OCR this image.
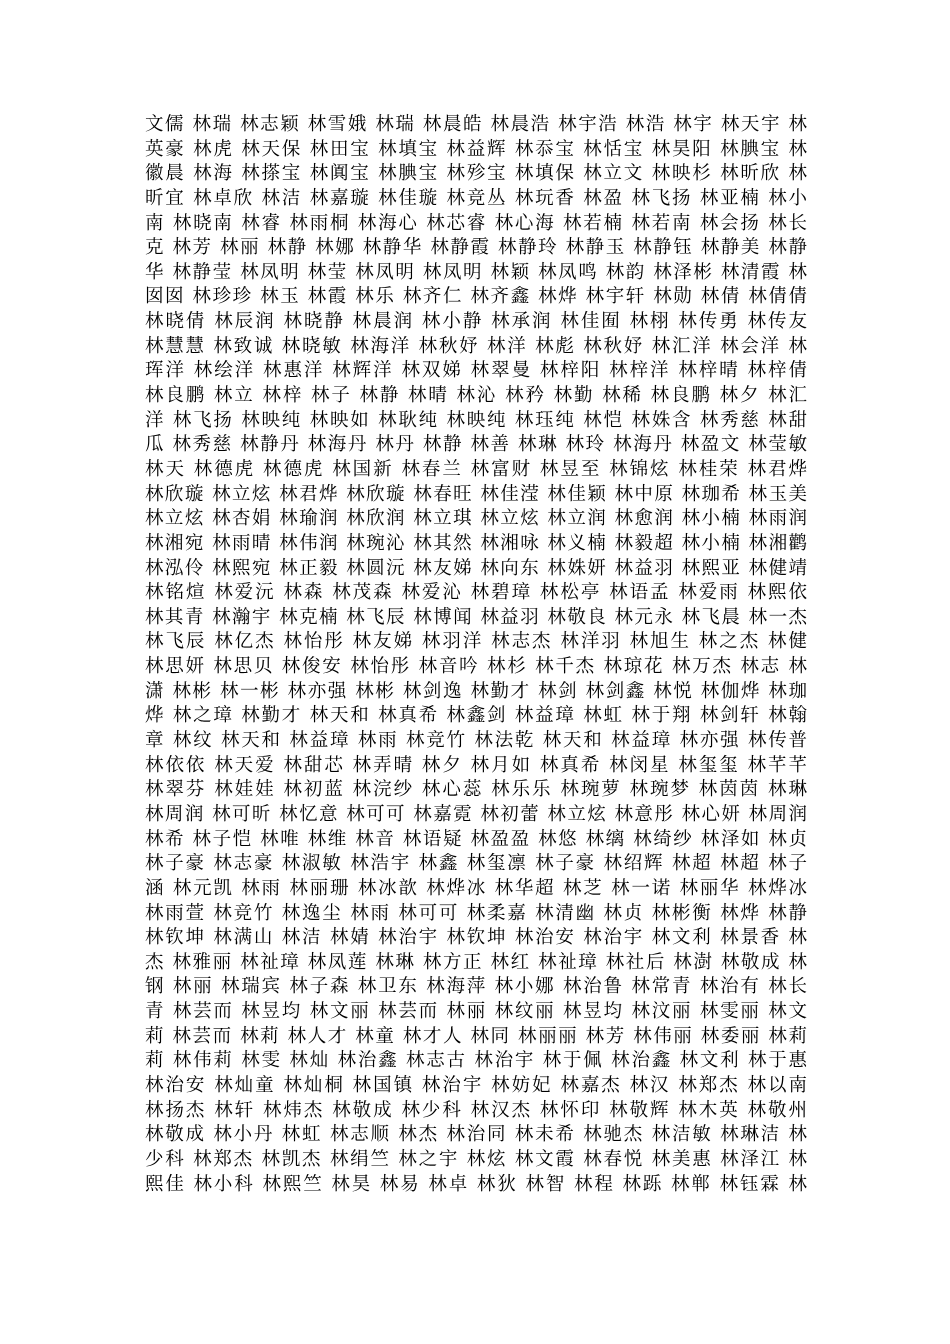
文儒 林瑞 林志颖 林雪娥 林瑞 林晨皓 林晨浩 林宇浩 林浩 林宇 林天宇 林
英豪 林虎 林天保 林田宝 林填宝 林益辉 林忝宝 林恬宝 林昊阳 林腆宝 林
徽晨 林海 林搽宝 林阗宝 林腆宝 林殄宝 林填保 林立文 林映杉 林昕欣 林
昕宜 林卓欣 林洁 林嘉璇 林佳璇 林竞丛 林玩香 林盈 林飞扬 林亚楠 林小
南 林晓南 林睿 林雨桐 林海心 林芯睿 林心海 林若楠 林若南 林会扬 林长
克 林芳 林丽 林静 林娜 林静华 林静霞 林静玲 林静玉 林静钰 林静美 林静
华 林静莹 林凤明 林莹 林凤明 林凤明 林颖 林凤鸣 林韵 林泽彬 林清霞 林
囡囡 林珍珍 林玉 林霞 林乐 林齐仁 林齐鑫 林烨 林宇轩 林勋 林倩 林倩倩
林晓倩 林辰润 林晓静 林晨润 林小静 林承润 林佳囿 林栩 林传勇 林传友
林慧慧 林致诚 林晓敏 林海洋 林秋妤 林洋 林彪 林秋妤 林汇洋 林会洋 林
珲洋 林绘洋 林惠洋 林辉洋 林双娣 林翠曼 林梓阳 林梓洋 林梓晴 林梓倩
林良鹏 林立 林梓 林子 林静 林晴 林沁 林矜 林勤 林稀 林良鹏 林夕 林汇
洋 林飞扬 林映纯 林映如 林耿纯 林映纯 林珏纯 林恺 林姝含 林秀慈 林甜
瓜 林秀慈 林静丹 林海丹 林丹 林静 林善 林琳 林玲 林海丹 林盈文 林莹敏
林天 林德虎 林德虎 林国新 林春兰 林富财 林昱至 林锦炫 林桂荣 林君烨
林欣璇 林立炫 林君烨 林欣璇 林春旺 林佳滢 林佳颖 林中原 林珈希 林玉美
林立炫 林杏娟 林瑜润 林欣润 林立琪 林立炫 林立润 林愈润 林小楠 林雨润
林湘宛 林雨晴 林伟润 林琬沁 林其然 林湘咏 林义楠 林毅超 林小楠 林湘鹳
林泓伶 林熙宛 林正毅 林圆沅 林友娣 林向东 林姝妍 林益羽 林熙亚 林健靖
林铭煊 林爱沅 林森 林茂森 林爱沁 林碧璋 林松亭 林语孟 林爱雨 林熙依
林其青 林瀚宇 林克楠 林飞辰 林博闻 林益羽 林敬良 林元永 林飞晨 林一杰
林飞辰 林亿杰 林怡彤 林友娣 林羽洋 林志杰 林洋羽 林旭生 林之杰 林健
林思妍 林思贝 林俊安 林怡彤 林音吟 林杉 林千杰 林琼花 林万杰 林志 林
潇 林彬 林一彬 林亦强 林彬 林剑逸 林勤才 林剑 林剑鑫 林悦 林伽烨 林珈
烨 林之璋 林勤才 林天和 林真希 林鑫剑 林益璋 林虹 林于翔 林剑轩 林翰
章 林纹 林天和 林益璋 林雨 林竞竹 林法乾 林天和 林益璋 林亦强 林传普
林依依 林天爱 林甜芯 林弄晴 林夕 林月如 林真希 林闵星 林玺玺 林芊芊
林翠芬 林娃娃 林初蓝 林浣纱 林心蕊 林乐乐 林琬萝 林琬梦 林茵茵 林琳
林周润 林可昕 林忆意 林可可 林嘉霓 林初蕾 林立炫 林意彤 林心妍 林周润
林希 林子恺 林唯 林维 林音 林语疑 林盈盈 林悠 林缡 林绮纱 林泽如 林贞
林子豪 林志豪 林淑敏 林浩宇 林鑫 林玺凛 林子豪 林绍辉 林超 林超 林子
涵 林元凯 林雨 林丽珊 林冰歆 林烨冰 林华超 林芝 林一诺 林丽华 林烨冰
林雨萱 林竞竹 林逸尘 林雨 林可可 林柔嘉 林清幽 林贞 林彬衡 林烨 林静
林钦坤 林满山 林洁 林婧 林治宇 林钦坤 林治安 林治宇 林文利 林景香 林
杰 林雅丽 林祉璋 林凤莲 林琳 林方正 林红 林祉璋 林社后 林澍 林敬成 林
钢 林丽 林瑞宾 林子森 林卫东 林海萍 林小娜 林治鲁 林常青 林治有 林长
青 林芸而 林昱均 林文丽 林芸而 林丽 林纹丽 林昱均 林汶丽 林雯丽 林文
莉 林芸而 林莉 林人才 林童 林才人 林同 林丽丽 林芳 林伟丽 林委丽 林莉
莉 林伟莉 林雯 林灿 林治鑫 林志古 林治宇 林于佩 林治鑫 林文利 林于惠
林治安 林灿童 林灿桐 林国镇 林治宇 林妨妃 林嘉杰 林汉 林郑杰 林以南
林扬杰 林轩 林炜杰 林敬成 林少科 林汉杰 林怀印 林敬辉 林木英 林敬州
林敬成 林小丹 林虹 林志顺 林杰 林治同 林未希 林驰杰 林洁敏 林琳洁 林
少科 林郑杰 林凯杰 林绢竺 林之宇 林炫 林文霞 林春悦 林美惠 林泽江 林
熙佳 林小科 林熙竺 林昊 林易 林卓 林狄 林智 林程 林跞 林郸 林钰霖 林
